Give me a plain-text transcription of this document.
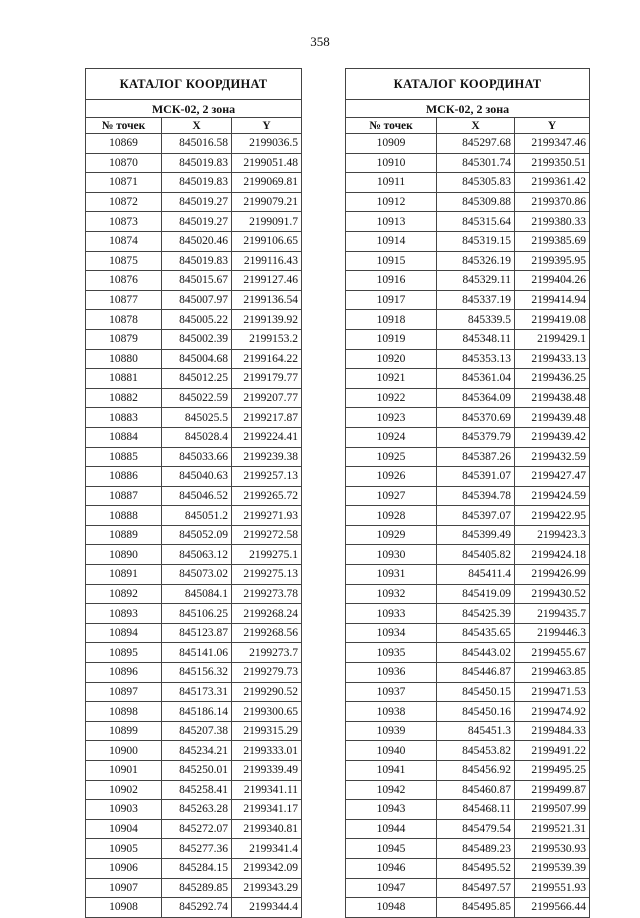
358
КАТАЛОГ КООРДИНАТ		
МСК-02, 2 зона		
№ точек	X	Y
10869	845016.58	2199036.5
10870	845019.83	2199051.48
10871	845019.83	2199069.81
10872	845019.27	2199079.21
10873	845019.27	2199091.7
10874	845020.46	2199106.65
10875	845019.83	2199116.43
10876	845015.67	2199127.46
10877	845007.97	2199136.54
10878	845005.22	2199139.92
10879	845002.39	2199153.2
10880	845004.68	2199164.22
10881	845012.25	2199179.77
10882	845022.59	2199207.77
10883	845025.5	2199217.87
10884	845028.4	2199224.41
10885	845033.66	2199239.38
10886	845040.63	2199257.13
10887	845046.52	2199265.72
10888	845051.2	2199271.93
10889	845052.09	2199272.58
10890	845063.12	2199275.1
10891	845073.02	2199275.13
10892	845084.1	2199273.78
10893	845106.25	2199268.24
10894	845123.87	2199268.56
10895	845141.06	2199273.7
10896	845156.32	2199279.73
10897	845173.31	2199290.52
10898	845186.14	2199300.65
10899	845207.38	2199315.29
10900	845234.21	2199333.01
10901	845250.01	2199339.49
10902	845258.41	2199341.11
10903	845263.28	2199341.17
10904	845272.07	2199340.81
10905	845277.36	2199341.4
10906	845284.15	2199342.09
10907	845289.85	2199343.29
10908	845292.74	2199344.4
КАТАЛОГ КООРДИНАТ		
МСК-02, 2 зона		
№ точек	X	Y
10909	845297.68	2199347.46
10910	845301.74	2199350.51
10911	845305.83	2199361.42
10912	845309.88	2199370.86
10913	845315.64	2199380.33
10914	845319.15	2199385.69
10915	845326.19	2199395.95
10916	845329.11	2199404.26
10917	845337.19	2199414.94
10918	845339.5	2199419.08
10919	845348.11	2199429.1
10920	845353.13	2199433.13
10921	845361.04	2199436.25
10922	845364.09	2199438.48
10923	845370.69	2199439.48
10924	845379.79	2199439.42
10925	845387.26	2199432.59
10926	845391.07	2199427.47
10927	845394.78	2199424.59
10928	845397.07	2199422.95
10929	845399.49	2199423.3
10930	845405.82	2199424.18
10931	845411.4	2199426.99
10932	845419.09	2199430.52
10933	845425.39	2199435.7
10934	845435.65	2199446.3
10935	845443.02	2199455.67
10936	845446.87	2199463.85
10937	845450.15	2199471.53
10938	845450.16	2199474.92
10939	845451.3	2199484.33
10940	845453.82	2199491.22
10941	845456.92	2199495.25
10942	845460.87	2199499.87
10943	845468.11	2199507.99
10944	845479.54	2199521.31
10945	845489.23	2199530.93
10946	845495.52	2199539.39
10947	845497.57	2199551.93
10948	845495.85	2199566.44
